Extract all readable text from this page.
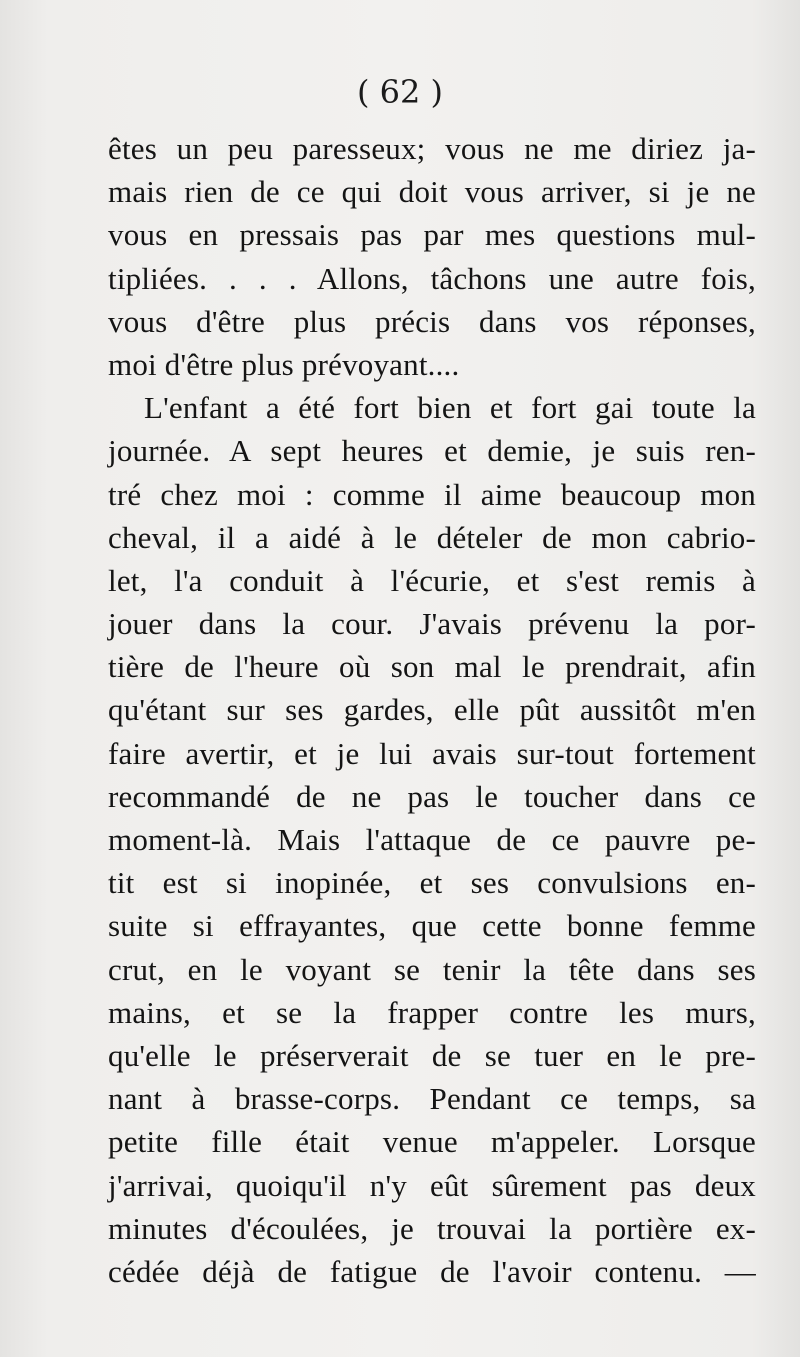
( 62 )
êtes un peu paresseux; vous ne me diriez ja-
mais rien de ce qui doit vous arriver, si je ne
vous en pressais pas par mes questions mul-
tipliées. . . . Allons, tâchons une autre fois,
vous d'être plus précis dans vos réponses,
moi d'être plus prévoyant....
L'enfant a été fort bien et fort gai toute la
journée. A sept heures et demie, je suis ren-
tré chez moi : comme il aime beaucoup mon
cheval, il a aidé à le dételer de mon cabrio-
let, l'a conduit à l'écurie, et s'est remis à
jouer dans la cour. J'avais prévenu la por-
tière de l'heure où son mal le prendrait, afin
qu'étant sur ses gardes, elle pût aussitôt m'en
faire avertir, et je lui avais sur-tout fortement
recommandé de ne pas le toucher dans ce
moment-là. Mais l'attaque de ce pauvre pe-
tit est si inopinée, et ses convulsions en-
suite si effrayantes, que cette bonne femme
crut, en le voyant se tenir la tête dans ses
mains, et se la frapper contre les murs,
qu'elle le préserverait de se tuer en le pre-
nant à brasse-corps. Pendant ce temps, sa
petite fille était venue m'appeler. Lorsque
j'arrivai, quoiqu'il n'y eût sûrement pas deux
minutes d'écoulées, je trouvai la portière ex-
cédée déjà de fatigue de l'avoir contenu. —
